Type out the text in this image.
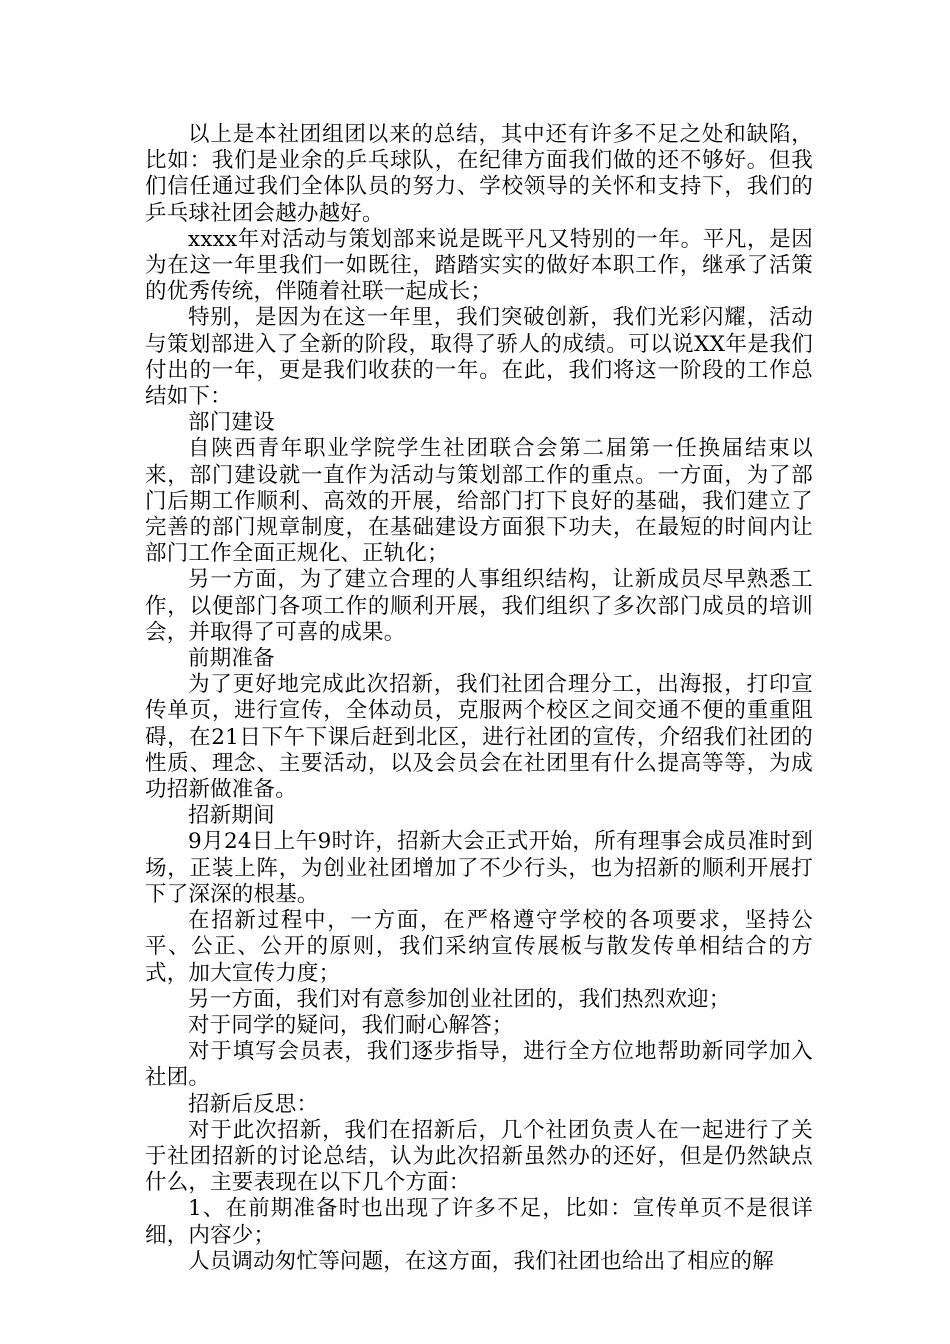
以上是本社团组团以来的总结，其中还有许多不足之处和缺陷，比如：我们是业余的乒乓球队，在纪律方面我们做的还不够好。但我们信任通过我们全体队员的努力、学校领导的关怀和支持下，我们的乒乓球社团会越办越好。

xxxx年对活动与策划部来说是既平凡又特别的一年。平凡，是因为在这一年里我们一如既往，踏踏实实的做好本职工作，继承了活策的优秀传统，伴随着社联一起成长；

特别，是因为在这一年里，我们突破创新，我们光彩闪耀，活动与策划部进入了全新的阶段，取得了骄人的成绩。可以说XX年是我们付出的一年，更是我们收获的一年。在此，我们将这一阶段的工作总结如下：

部门建设

自陕西青年职业学院学生社团联合会第二届第一任换届结束以来，部门建设就一直作为活动与策划部工作的重点。一方面，为了部门后期工作顺利、高效的开展，给部门打下良好的基础，我们建立了完善的部门规章制度，在基础建设方面狠下功夫，在最短的时间内让部门工作全面正规化、正轨化；

另一方面，为了建立合理的人事组织结构，让新成员尽早熟悉工作，以便部门各项工作的顺利开展，我们组织了多次部门成员的培训会，并取得了可喜的成果。

前期准备

为了更好地完成此次招新，我们社团合理分工，出海报，打印宣传单页，进行宣传，全体动员，克服两个校区之间交通不便的重重阻碍，在21日下午下课后赶到北区，进行社团的宣传，介绍我们社团的性质、理念、主要活动，以及会员会在社团里有什么提高等等，为成功招新做准备。

招新期间

9月24日上午9时许，招新大会正式开始，所有理事会成员准时到场，正装上阵，为创业社团增加了不少行头，也为招新的顺利开展打下了深深的根基。

在招新过程中，一方面，在严格遵守学校的各项要求，坚持公平、公正、公开的原则，我们采纳宣传展板与散发传单相结合的方式，加大宣传力度；

另一方面，我们对有意参加创业社团的，我们热烈欢迎；

对于同学的疑问，我们耐心解答；

对于填写会员表，我们逐步指导，进行全方位地帮助新同学加入社团。

招新后反思：

对于此次招新，我们在招新后，几个社团负责人在一起进行了关于社团招新的讨论总结，认为此次招新虽然办的还好，但是仍然缺点什么，主要表现在以下几个方面：

1、在前期准备时也出现了许多不足，比如：宣传单页不是很详细，内容少；

人员调动匆忙等问题，在这方面，我们社团也给出了相应的解
